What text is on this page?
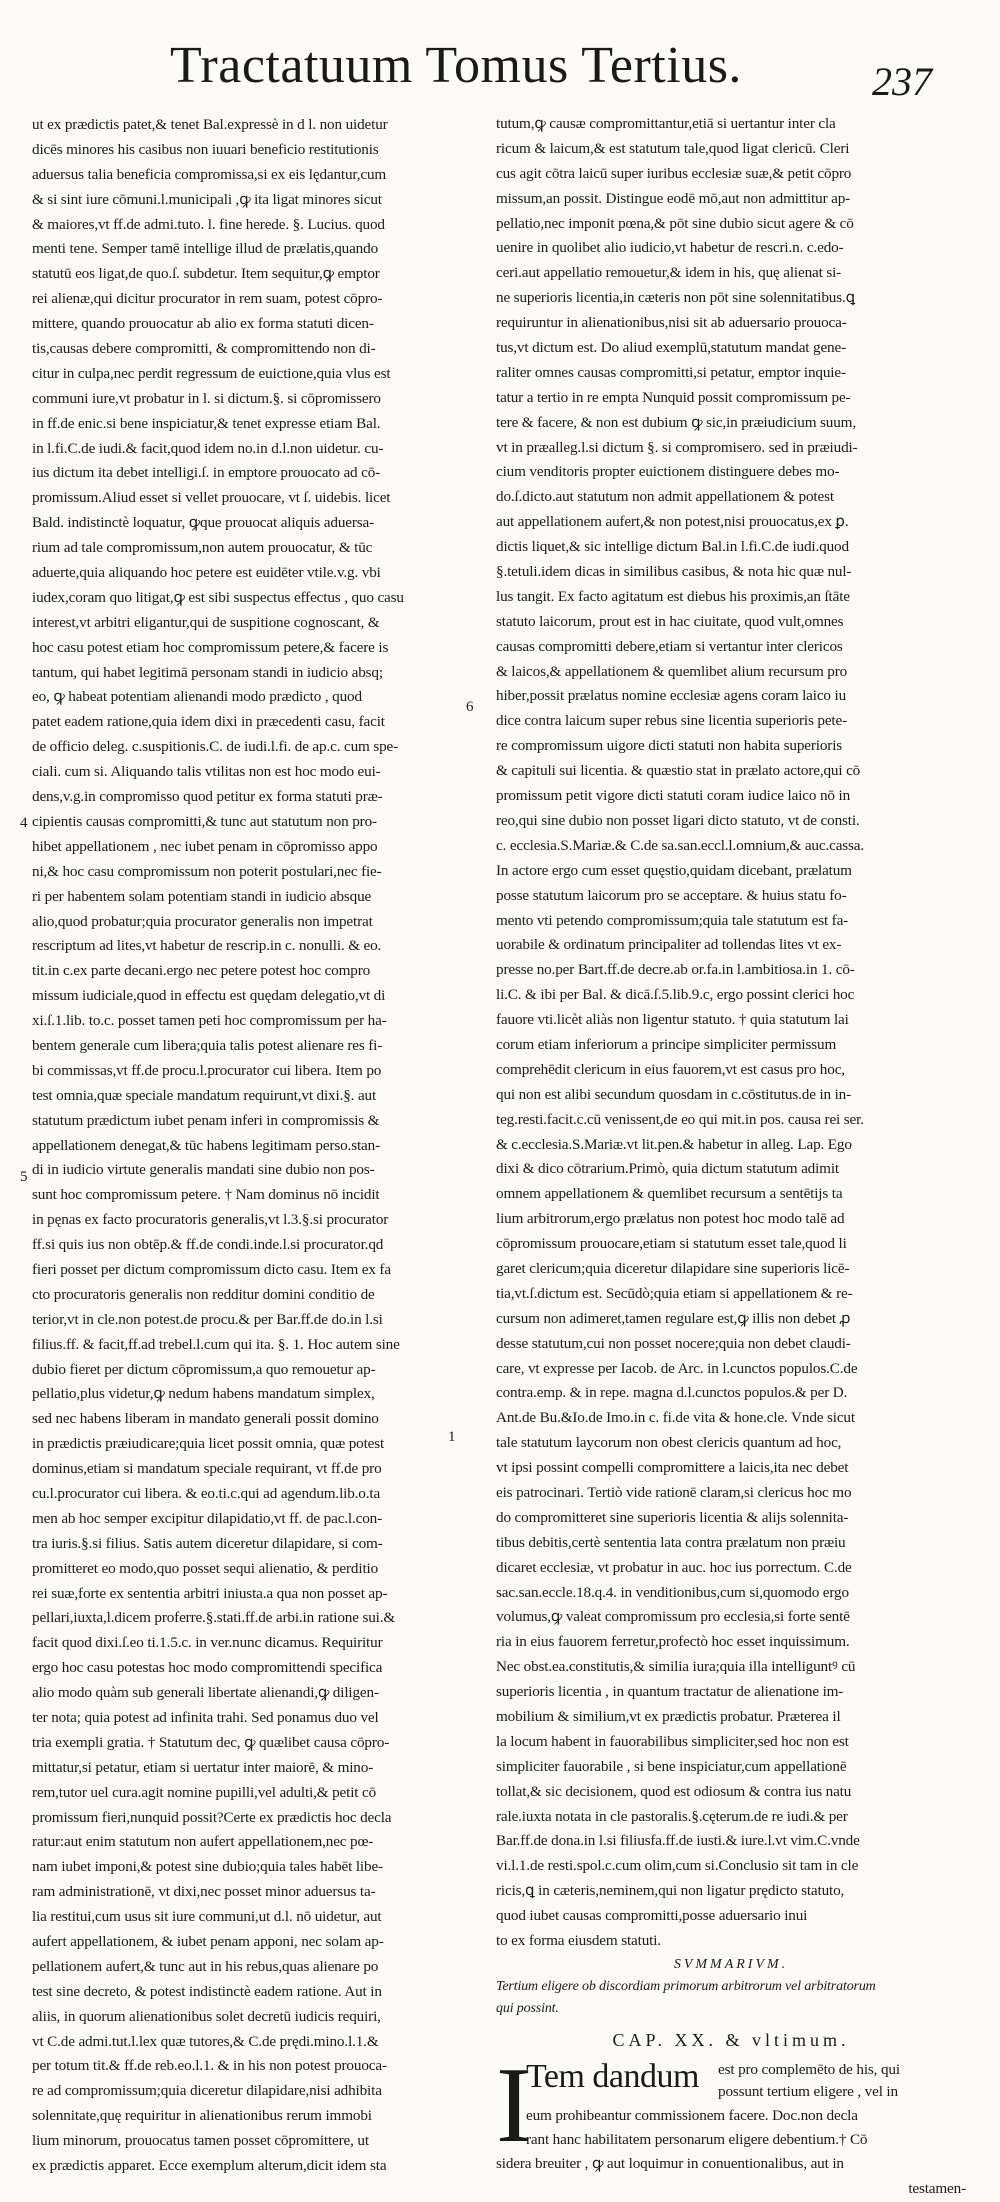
Tractatuum Tomus Tertius.	237
ut ex prædictis patet,& tenet Bal.expressè in d l. non uidetur
dicēs minores his casibus non iuuari beneficio restitutionis
aduersus talia beneficia compromissa,si ex eis lędantur,cum
& si sint iure cōmuni.l.municipali ,ꝙ ita ligat minores sicut
& maiores,vt ff.de admi.tuto. l. fine herede. §. Lucius. quod
menti tene. Semper tamē intellige illud de prælatis,quando
statutū eos ligat,de quo.ſ. subdetur. Item sequitur,ꝙ emptor
rei alienæ,qui dicitur procurator in rem suam, potest cōpro-
mittere, quando prouocatur ab alio ex forma statuti dicen-
tis,causas debere compromitti, & compromittendo non di-
citur in culpa,nec perdit regressum de euictione,quia vlus est
communi iure,vt probatur in l. si dictum.§. si cōpromissero
in ff.de enic.si bene inspiciatur,& tenet expresse etiam Bal.
in l.fi.C.de iudi.& facit,quod idem no.in d.l.non uidetur. cu-
ius dictum ita debet intelligi.ſ. in emptore prouocato ad cō-
promissum.Aliud esset si vellet prouocare, vt ſ. uidebis. licet
Bald. indistinctè loquatur, ꝙque prouocat aliquis aduersa-
rium ad tale compromissum,non autem prouocatur, & tūc
aduerte,quia aliquando hoc petere est euidēter vtile.v.g. vbi
iudex,coram quo litigat,ꝙ est sibi suspectus effectus , quo casu
interest,vt arbitri eligantur,qui de suspitione cognoscant, &
hoc casu potest etiam hoc compromissum petere,& facere is
tantum, qui habet legitimā personam standi in iudicio absq;
eo, ꝙ habeat potentiam alienandi modo prædicto , quod
patet eadem ratione,quia idem dixi in præcedenti casu, facit
de officio deleg. c.suspitionis.C. de iudi.l.fi. de ap.c. cum spe-
ciali. cum si. Aliquando talis vtilitas non est hoc modo eui-
dens,v.g.in compromisso quod petitur ex forma statuti præ-
cipientis causas compromitti,& tunc aut statutum non pro-
hibet appellationem , nec iubet penam in cōpromisso appo
ni,& hoc casu compromissum non poterit postulari,nec fie-
ri per habentem solam potentiam standi in iudicio absque
alio,quod probatur;quia procurator generalis non impetrat
rescriptum ad lites,vt habetur de rescrip.in c. nonulli. & eo.
tit.in c.ex parte decani.ergo nec petere potest hoc compro
missum iudiciale,quod in effectu est quędam delegatio,vt di
xi.ſ.1.lib. to.c. posset tamen peti hoc compromissum per ha-
bentem generale cum libera;quia talis potest alienare res fi-
bi commissas,vt ff.de procu.l.procurator cui libera. Item po
test omnia,quæ speciale mandatum requirunt,vt dixi.§. aut
statutum prædictum iubet penam inferi in compromissis &
appellationem denegat,& tūc habens legitimam perso.stan-
di in iudicio virtute generalis mandati sine dubio non pos-
sunt hoc compromissum petere. † Nam dominus nō incidit
in pęnas ex facto procuratoris generalis,vt l.3.§.si procurator
ff.si quis ius non obtēp.& ff.de condi.inde.l.si procurator.qd
fieri posset per dictum compromissum dicto casu. Item ex fa
cto procuratoris generalis non redditur domini conditio de
terior,vt in cle.non potest.de procu.& per Bar.ff.de do.in l.si
filius.ff. & facit,ff.ad trebel.l.cum qui ita. §. 1. Hoc autem sine
dubio fieret per dictum cōpromissum,a quo remouetur ap-
pellatio,plus videtur,ꝙ nedum habens mandatum simplex,
sed nec habens liberam in mandato generali possit domino
in prædictis præiudicare;quia licet possit omnia, quæ potest
dominus,etiam si mandatum speciale requirant, vt ff.de pro
cu.l.procurator cui libera. & eo.ti.c.qui ad agendum.lib.o.ta
men ab hoc semper excipitur dilapidatio,vt ff. de pac.l.con-
tra iuris.§.si filius. Satis autem diceretur dilapidare, si com-
promitteret eo modo,quo posset sequi alienatio, & perditio
rei suæ,forte ex sententia arbitri iniusta.a qua non posset ap-
pellari,iuxta,l.dicem proferre.§.stati.ff.de arbi.in ratione sui.&
facit quod dixi.ſ.eo ti.1.5.c. in ver.nunc dicamus. Requiritur
ergo hoc casu potestas hoc modo compromittendi specifica
alio modo quàm sub generali libertate alienandi,ꝙ diligen-
ter nota; quia potest ad infinita trahi. Sed ponamus duo vel
tria exempli gratia. † Statutum dec, ꝙ quælibet causa cōpro-
mittatur,si petatur, etiam si uertatur inter maiorē, & mino-
rem,tutor uel cura.agit nomine pupilli,vel adulti,& petit cō
promissum fieri,nunquid possit?Certe ex prædictis hoc decla
ratur:aut enim statutum non aufert appellationem,nec pœ-
nam iubet imponi,& potest sine dubio;quia tales habēt libe-
ram administrationē, vt dixi,nec posset minor aduersus ta-
lia restitui,cum usus sit iure communi,ut d.l. nō uidetur, aut
aufert appellationem, & iubet penam apponi, nec solam ap-
pellationem aufert,& tunc aut in his rebus,quas alienare po
test sine decreto, & potest indistinctè eadem ratione. Aut in
aliis, in quorum alienationibus solet decretū iudicis requiri,
vt C.de admi.tut.l.lex quæ tutores,& C.de prędi.mino.l.1.&
per totum tit.& ff.de reb.eo.l.1. & in his non potest prouoca-
re ad compromissum;quia diceretur dilapidare,nisi adhibita
solennitate,quę requiritur in alienationibus rerum immobi
lium minorum, prouocatus tamen posset cōpromittere, ut
ex prædictis apparet. Ecce exemplum alterum,dicit idem sta
tutum,ꝙ causæ compromittantur,etiā si uertantur inter cla
ricum & laicum,& est statutum tale,quod ligat clericū. Cleri
cus agit cōtra laicū super iuribus ecclesiæ suæ,& petit cōpro
missum,an possit. Distingue eodē mō,aut non admittitur ap-
pellatio,nec imponit pœna,& pōt sine dubio sicut agere & cō
uenire in quolibet alio iudicio,vt habetur de rescri.n. c.edo-
ceri.aut appellatio remouetur,& idem in his, quę alienat si-
ne superioris licentia,in cæteris non pōt sine solennitatibus.ꝗ
requiruntur in alienationibus,nisi sit ab aduersario prouoca-
tus,vt dictum est. Do aliud exemplū,statutum mandat gene-
raliter omnes causas compromitti,si petatur, emptor inquie-
tatur a tertio in re empta Nunquid possit compromissum pe-
tere & facere, & non est dubium ꝙ sic,in præiudicium suum,
vt in præalleg.l.si dictum §. si compromisero. sed in præiudi-
cium venditoris propter euictionem distinguere debes mo-
do.ſ.dicto.aut statutum non admit appellationem & potest
aut appellationem aufert,& non potest,nisi prouocatus,ex ꝑ.
dictis liquet,& sic intellige dictum Bal.in l.fi.C.de iudi.quod
§.tetuli.idem dicas in similibus casibus, & nota hic quæ nul-
lus tangit. Ex facto agitatum est diebus his proximis,an ſtāte
statuto laicorum, prout est in hac ciuitate, quod vult,omnes
causas compromitti debere,etiam si vertantur inter clericos
& laicos,& appellationem & quemlibet alium recursum pro
hiber,possit prælatus nomine ecclesiæ agens coram laico iu
dice contra laicum super rebus sine licentia superioris pete-
re compromissum uigore dicti statuti non habita superioris
& capituli sui licentia. & quæstio stat in prælato actore,qui cō
promissum petit vigore dicti statuti coram iudice laico nō in
reo,qui sine dubio non posset ligari dicto statuto, vt de consti.
c. ecclesia.S.Mariæ.& C.de sa.san.eccl.l.omnium,& auc.cassa.
In actore ergo cum esset quęstio,quidam dicebant, prælatum
posse statutum laicorum pro se acceptare. & huius statu fo-
mento vti petendo compromissum;quia tale statutum est fa-
uorabile & ordinatum principaliter ad tollendas lites vt ex-
presse no.per Bart.ff.de decre.ab or.fa.in l.ambitiosa.in 1. cō-
li.C. & ibi per Bal. & dicā.ſ.5.lib.9.c, ergo possint clerici hoc
fauore vti.licèt aliàs non ligentur statuto. † quia statutum lai
corum etiam inferiorum a principe simpliciter permissum
comprehēdit clericum in eius fauorem,vt est casus pro hoc,
qui non est alibi secundum quosdam in c.cōstitutus.de in in-
teg.resti.facit.c.cū venissent,de eo qui mit.in pos. causa rei ser.
& c.ecclesia.S.Mariæ.vt lit.pen.& habetur in alleg. Lap. Ego
dixi & dico cōtrarium.Primò, quia dictum statutum adimit
omnem appellationem & quemlibet recursum a sentētijs ta
lium arbitrorum,ergo prælatus non potest hoc modo talē ad
cōpromissum prouocare,etiam si statutum esset tale,quod li
garet clericum;quia diceretur dilapidare sine superioris licē-
tia,vt.ſ.dictum est. Secūdò;quia etiam si appellationem & re-
cursum non adimeret,tamen regulare est,ꝙ illis non debet ꝓ
desse statutum,cui non posset nocere;quia non debet claudi-
care, vt expresse per Iacob. de Arc. in l.cunctos populos.C.de
contra.emp. & in repe. magna d.l.cunctos populos.& per D.
Ant.de Bu.&Io.de Imo.in c. fi.de vita & hone.cle. Vnde sicut
tale statutum laycorum non obest clericis quantum ad hoc,
vt ipsi possint compelli compromittere a laicis,ita nec debet
eis patrocinari. Tertiò vide rationē claram,si clericus hoc mo
do compromitteret sine superioris licentia & alijs solennita-
tibus debitis,certè sententia lata contra prælatum non præiu
dicaret ecclesiæ, vt probatur in auc. hoc ius porrectum. C.de
sac.san.eccle.18.q.4. in venditionibus,cum si,quomodo ergo
volumus,ꝙ valeat compromissum pro ecclesia,si forte sentē
ria in eius fauorem ferretur,profectò hoc esset inquissimum.
Nec obst.ea.constitutis,& similia iura;quia illa intelliguntꝰ cū
superioris licentia , in quantum tractatur de alienatione im-
mobilium & similium,vt ex prædictis probatur. Præterea il
la locum habent in fauorabilibus simpliciter,sed hoc non est
simpliciter fauorabile , si bene inspiciatur,cum appellationē
tollat,& sic decisionem, quod est odiosum & contra ius natu
rale.iuxta notata in cle pastoralis.§.cęterum.de re iudi.& per
Bar.ff.de dona.in l.si filiusfa.ff.de iusti.& iure.l.vt vim.C.vnde
vi.l.1.de resti.spol.c.cum olim,cum si.Conclusio sit tam in cle
ricis,ꝗ in cæteris,neminem,qui non ligatur prędicto statuto,
quod iubet causas compromitti,posse aduersario inui
to ex forma eiusdem statuti.
SVMMARIVM.
Tertium eligere ob discordiam primorum arbitrorum vel arbitratorum
qui possint.
CAP. XX. & vltimum.
I
Tem dandum est pro complemēto de his, qui
possunt tertium eligere , vel in
eum prohibeantur commissionem facere. Doc.non decla
rant hanc habilitatem personarum eligere debentium.† Cō
sidera breuiter , ꝙ aut loquimur in conuentionalibus, aut in
testamen-
6
4
5
1
